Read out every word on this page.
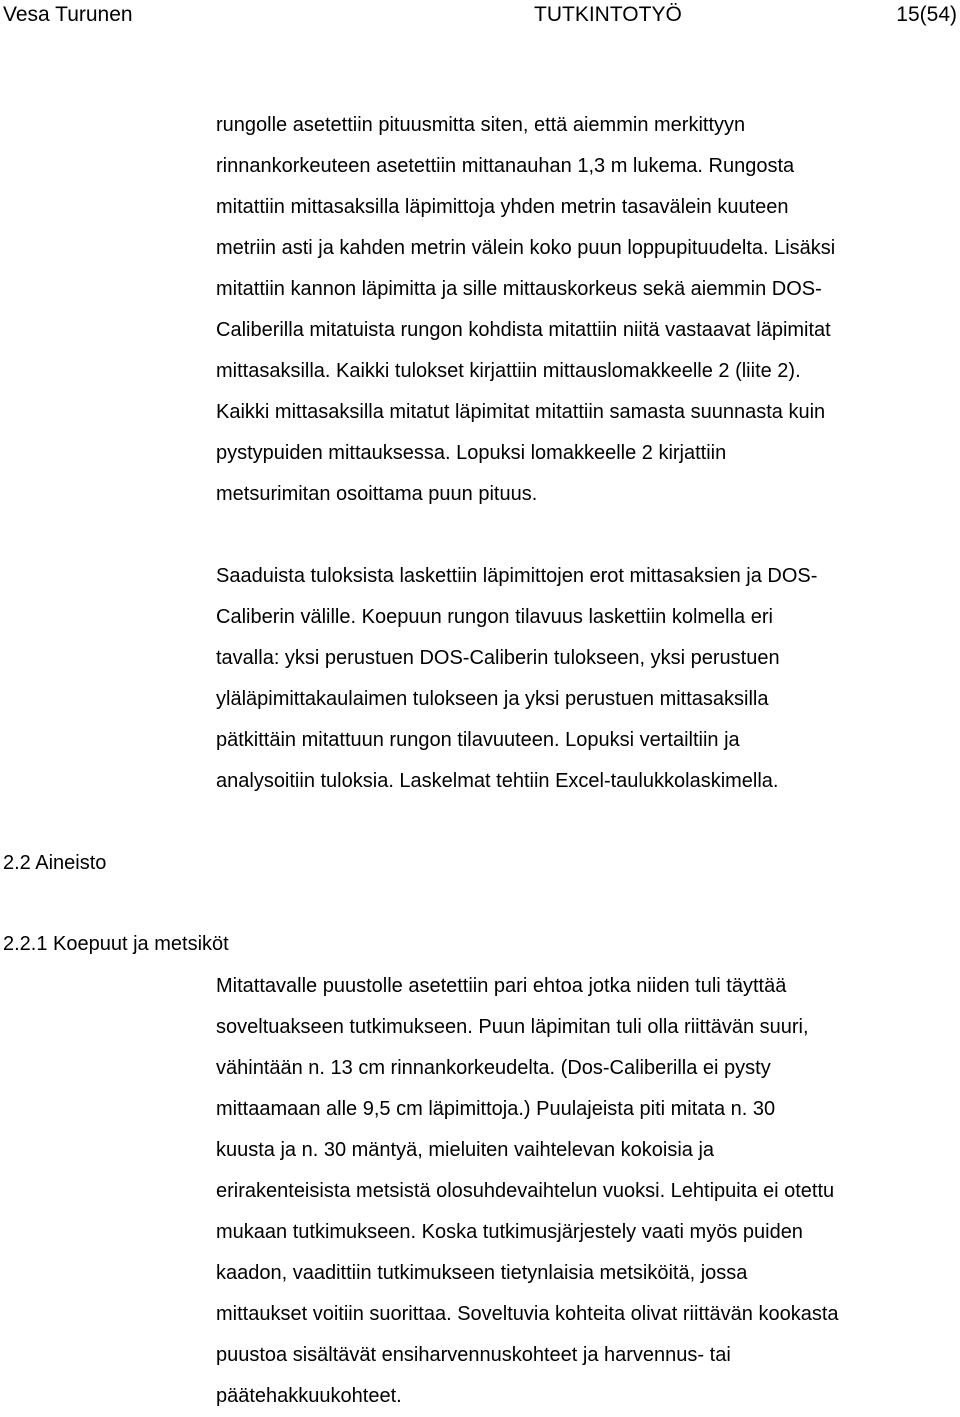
Vesa Turunen	TUTKINTOTYÖ	15(54)
rungolle asetettiin pituusmitta siten, että aiemmin merkittyyn
rinnankorkeuteen asetettiin mittanauhan 1,3 m lukema. Rungosta
mitattiin mittasaksilla läpimittoja yhden metrin tasavälein kuuteen
metriin asti ja kahden metrin välein koko puun loppupituudelta. Lisäksi
mitattiin kannon läpimitta ja sille mittauskorkeus sekä aiemmin DOS-
Caliberilla mitatuista rungon kohdista mitattiin niitä vastaavat läpimitat
mittasaksilla. Kaikki tulokset kirjattiin mittauslomakkeelle 2 (liite 2).
Kaikki mittasaksilla mitatut läpimitat mitattiin samasta suunnasta kuin
pystypuiden mittauksessa. Lopuksi lomakkeelle 2 kirjattiin
metsurimitan osoittama puun pituus.
Saaduista tuloksista laskettiin läpimittojen erot mittasaksien ja DOS-
Caliberin välille. Koepuun rungon tilavuus laskettiin kolmella eri
tavalla: yksi perustuen DOS-Caliberin tulokseen, yksi perustuen
yläläpimittakaulaimen tulokseen ja yksi perustuen mittasaksilla
pätkittäin mitattuun rungon tilavuuteen. Lopuksi vertailtiin ja
analysoitiin tuloksia. Laskelmat tehtiin Excel-taulukkolaskimella.
2.2 Aineisto
2.2.1 Koepuut ja metsiköt
Mitattavalle puustolle asetettiin pari ehtoa jotka niiden tuli täyttää
soveltuakseen tutkimukseen. Puun läpimitan tuli olla riittävän suuri,
vähintään n. 13 cm rinnankorkeudelta. (Dos-Caliberilla ei pysty
mittaamaan alle 9,5 cm läpimittoja.) Puulajeista piti mitata n. 30
kuusta ja n. 30 mäntyä, mieluiten vaihtelevan kokoisia ja
erirakenteisista metsistä olosuhdevaihtelun vuoksi. Lehtipuita ei otettu
mukaan tutkimukseen. Koska tutkimusjärjestely vaati myös puiden
kaadon, vaadittiin tutkimukseen tietynlaisia metsiköitä, jossa
mittaukset voitiin suorittaa. Soveltuvia kohteita olivat riittävän kookasta
puustoa sisältävät ensiharvennuskohteet ja harvennus- tai
päätehakkuukohteet.
